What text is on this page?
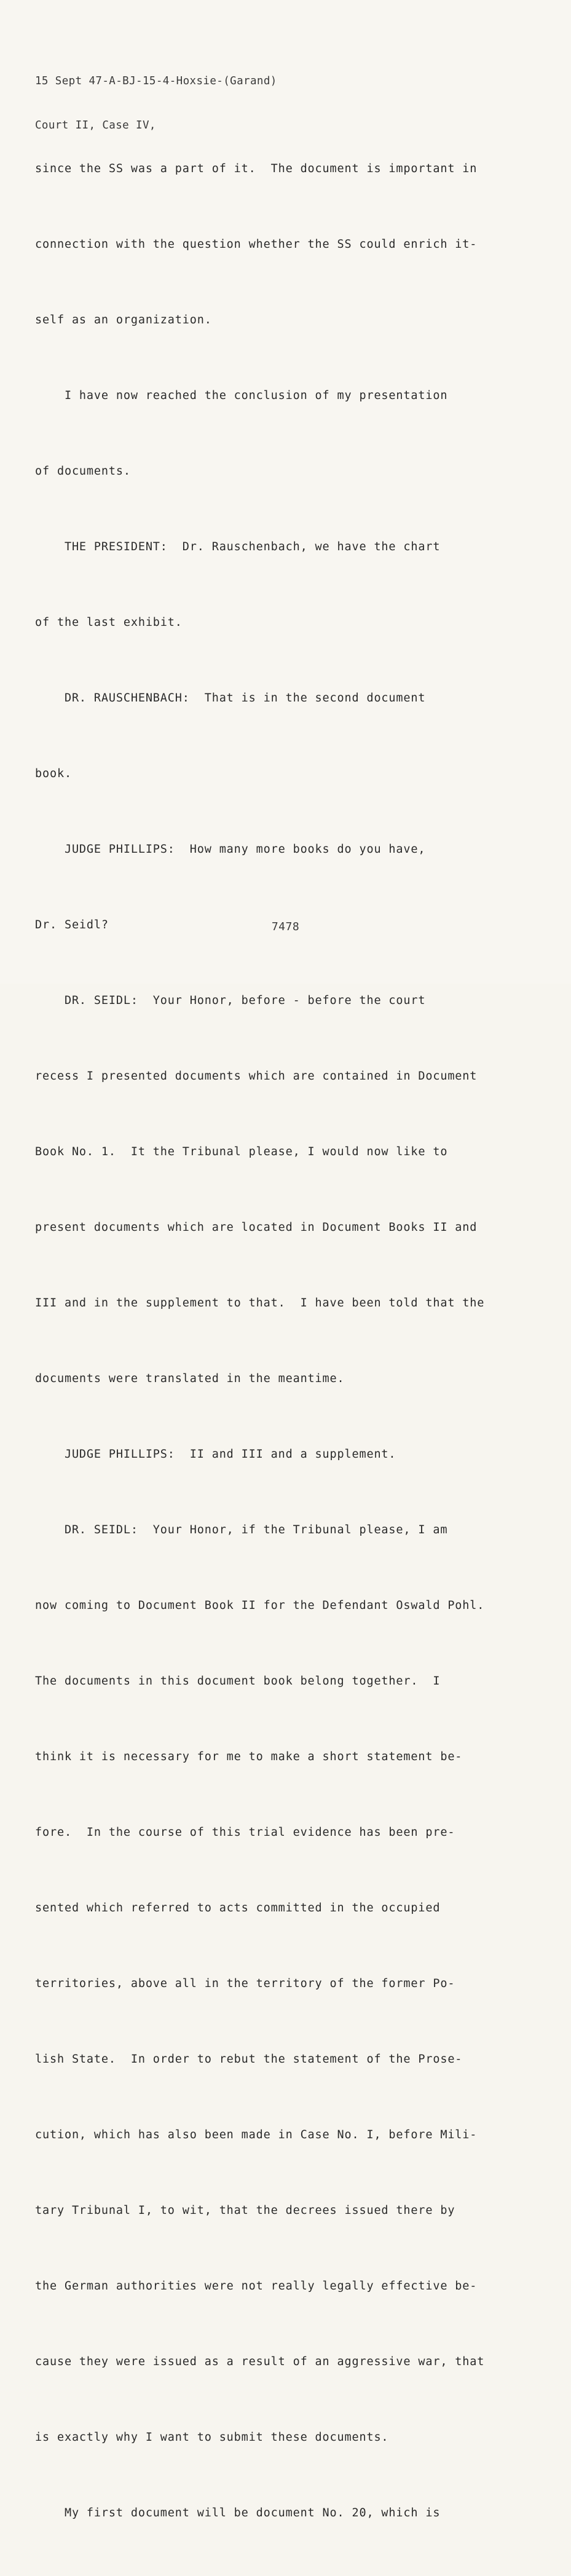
15 Sept 47-A-BJ-15-4-Hoxsie-(Garand)

Court II, Case IV,

since the SS was a part of it.  The document is important in

connection with the question whether the SS could enrich it-

self as an organization.

I have now reached the conclusion of my presentation

of documents.

THE PRESIDENT:  Dr. Rauschenbach, we have the chart

of the last exhibit.

DR. RAUSCHENBACH:  That is in the second document

book.

JUDGE PHILLIPS:  How many more books do you have,

Dr. Seidl?

DR. SEIDL:  Your Honor, before - before the court

recess I presented documents which are contained in Document

Book No. 1.  It the Tribunal please, I would now like to

present documents which are located in Document Books II and

III and in the supplement to that.  I have been told that the

documents were translated in the meantime.

JUDGE PHILLIPS:  II and III and a supplement.

DR. SEIDL:  Your Honor, if the Tribunal please, I am

now coming to Document Book II for the Defendant Oswald Pohl.

The documents in this document book belong together.  I

think it is necessary for me to make a short statement be-

fore.  In the course of this trial evidence has been pre-

sented which referred to acts committed in the occupied

territories, above all in the territory of the former Po-

lish State.  In order to rebut the statement of the Prose-

cution, which has also been made in Case No. I, before Mili-

tary Tribunal I, to wit, that the decrees issued there by

the German authorities were not really legally effective be-

cause they were issued as a result of an aggressive war, that

is exactly why I want to submit these documents.

My first document will be document No. 20, which is

7478
